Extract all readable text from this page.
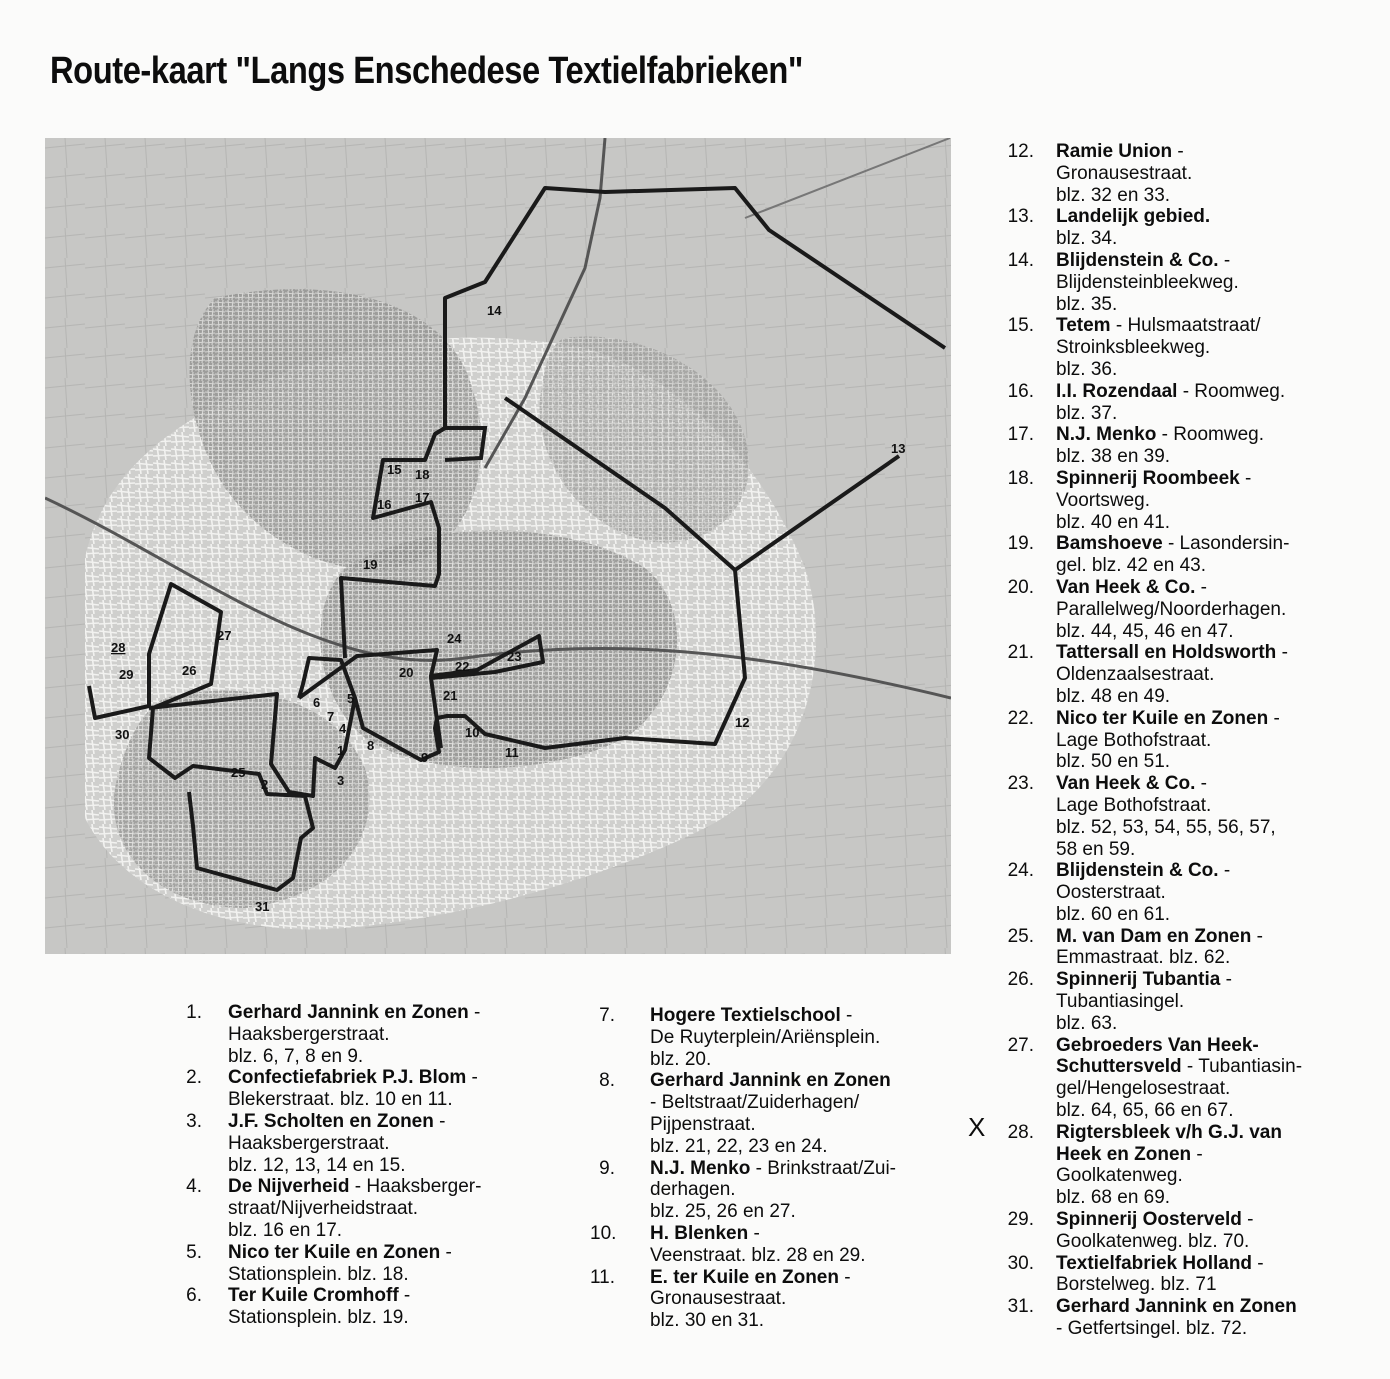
Route-kaart "Langs Enschedese Textielfabrieken"
1
2	3
4
5
6
7
8
9
10
11
12
13
14
15
16 17
18
19
20
21
22
23
24
25
26
27
28
29
30
31
12. Ramie Union -
Gronausestraat.
blz. 32 en 33.
13. Landelijk gebied.
blz. 34.
14. Blijdenstein & Co. -
Blijdensteinbleekweg.
blz. 35.
15. Tetem - Hulsmaatstraat/
Stroinksbleekweg.
blz. 36.
16. I.I. Rozendaal - Roomweg.
blz. 37.
17. N.J. Menko - Roomweg.
blz. 38 en 39.
18. Spinnerij Roombeek -
Voortsweg.
blz. 40 en 41.
19. Bamshoeve - Lasondersin-
gel. blz. 42 en 43.
20. Van Heek & Co. -
Parallelweg/Noorderhagen.
blz. 44, 45, 46 en 47.
21. Tattersall en Holdsworth -
Oldenzaalsestraat.
blz. 48 en 49.
22. Nico ter Kuile en Zonen -
Lage Bothofstraat.
blz. 50 en 51.
23. Van Heek & Co. -
Lage Bothofstraat.
blz. 52, 53, 54, 55, 56, 57,
58 en 59.
24. Blijdenstein & Co. -
Oosterstraat.
blz. 60 en 61.
25. M. van Dam en Zonen -
Emmastraat. blz. 62.
26. Spinnerij Tubantia -
Tubantiasingel.
blz. 63.
27. Gebroeders Van Heek-
Schuttersveld - Tubantiasin-
gel/Hengelosestraat.
blz. 64, 65, 66 en 67.
28. Rigtersbleek v/h G.J. van
Heek en Zonen -
Goolkatenweg.
blz. 68 en 69.
29. Spinnerij Oosterveld -
Goolkatenweg. blz. 70.
30. Textielfabriek Holland -
Borstelweg. blz. 71
31. Gerhard Jannink en Zonen
- Getfertsingel. blz. 72.
1. Gerhard Jannink en Zonen -
Haaksbergerstraat.
blz. 6, 7, 8 en 9.
2. Confectiefabriek P.J. Blom -
Blekerstraat. blz. 10 en 11.
3. J.F. Scholten en Zonen -
Haaksbergerstraat.
blz. 12, 13, 14 en 15.
4. De Nijverheid - Haaksberger-
straat/Nijverheidstraat.
blz. 16 en 17.
5. Nico ter Kuile en Zonen -
Stationsplein. blz. 18.
6. Ter Kuile Cromhoff -
Stationsplein. blz. 19.
7. Hogere Textielschool -
De Ruyterplein/Ariënsplein.
blz. 20.
8. Gerhard Jannink en Zonen
- Beltstraat/Zuiderhagen/
Pijpenstraat.
blz. 21, 22, 23 en 24.
9. N.J. Menko - Brinkstraat/Zui-
derhagen.
blz. 25, 26 en 27.
10. H. Blenken -
Veenstraat. blz. 28 en 29.
11. E. ter Kuile en Zonen -
Gronausestraat.
blz. 30 en 31.
X
